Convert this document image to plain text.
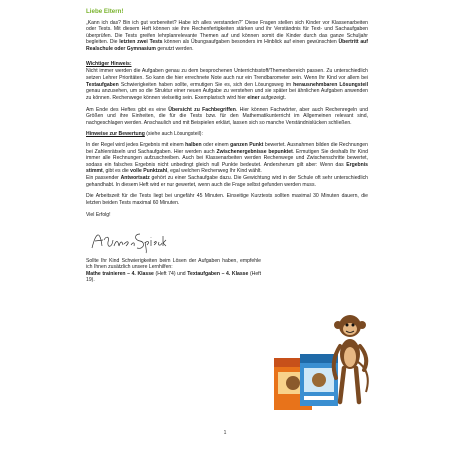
Liebe Eltern!

„Kann ich das? Bin ich gut vorbereitet? Habe ich alles verstanden?“ Diese Fragen stellen sich Kinder vor Klassenarbeiten oder Tests. Mit diesem Heft können sie ihre Rechenfertigkeiten stärken und ihr Verständnis für Text- und Sachaufgaben überprüfen. Die Tests greifen lehrplanrelevante Themen auf und können somit die Kinder durch das ganze Schuljahr begleiten. Die letzten zwei Tests können als Übungsaufgaben besonders im Hinblick auf einen gewünschten Übertritt auf Realschule oder Gymnasium genutzt werden.

Wichtiger Hinweis:

Nicht immer werden die Aufgaben genau zu dem besprochenen Unterrichtsstoff/Themenbereich passen. Zu unterschiedlich setzen Lehrer Prioritäten. So kann die hier errechnete Note auch nur ein Trendbarometer sein. Wenn Ihr Kind vor allem bei Textaufgaben Schwierigkeiten haben sollte, ermutigen Sie es, sich den Lösungsweg im herausnehmbaren Lösungsteil genau anzusehen, um so die Struktur einer neuen Aufgabe zu verstehen und sie später bei ähnlichen Aufgaben anwenden zu können. Rechenwege können vielseitig sein. Exemplarisch wird hier einer aufgezeigt.

Am Ende des Heftes gibt es eine Übersicht zu Fachbegriffen. Hier können Fachwörter, aber auch Rechenregeln und Größen und ihre Einheiten, die für die Tests bzw. für den Mathematikunterricht im Allgemeinen relevant sind, nachgeschlagen werden. Anschaulich und mit Beispielen erklärt, lassen sich so manche Verständnislücken schließen.

Hinweise zur Bewertung (siehe auch Lösungsteil):

In der Regel wird jedes Ergebnis mit einem halben oder einem ganzen Punkt bewertet. Ausnahmen bilden die Rechnungen bei Zahlenrätseln und Sachaufgaben. Hier werden auch Zwischenergebnisse bepunktet. Ermutigen Sie deshalb Ihr Kind immer alle Rechnungen aufzuschreiben. Auch bei Klassenarbeiten werden Rechenwege und Zwischenschritte bewertet, sodass ein falsches Ergebnis nicht unbedingt gleich null Punkte bedeutet. Andersherum gilt aber: Wenn das Ergebnis stimmt, gibt es die volle Punktzahl, egal welchen Rechenweg Ihr Kind wählt.
Ein passender Antwortsatz gehört zu einer Sachaufgabe dazu. Die Gewichtung wird in der Schule oft sehr unterschiedlich gehandhabt. In diesem Heft wird er nur gewertet, wenn auch die Frage selbst gefunden werden muss.

Die Arbeitszeit für die Tests liegt bei ungefähr 45 Minuten. Einseitige Kurztests sollten maximal 30 Minuten dauern, die letzten beiden Tests maximal 60 Minuten.

Viel Erfolg!

Agnes Spiecker

Sollte Ihr Kind Schwierigkeiten beim Lösen der Aufgaben haben, empfehle ich Ihnen zusätzlich unsere Lernhilfen:
Mathe trainieren – 4. Klasse (Heft 74) und Textaufgaben – 4. Klasse (Heft 19).

1
